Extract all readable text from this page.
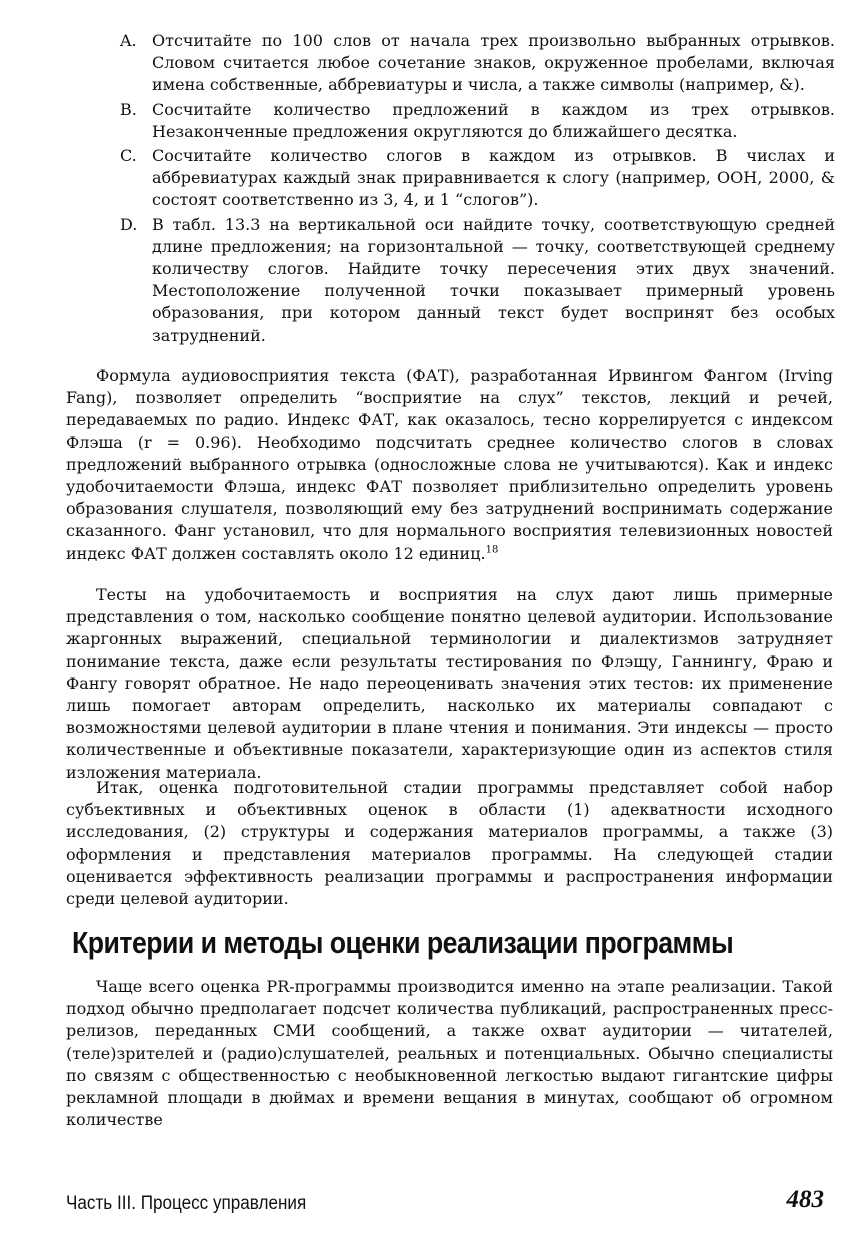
A. Отсчитайте по 100 слов от начала трех произвольно выбранных отрывков. Словом считается любое сочетание знаков, окруженное пробелами, включая имена собственные, аббревиатуры и числа, а также символы (например, &).
B. Сосчитайте количество предложений в каждом из трех отрывков. Незаконченные предложения округляются до ближайшего десятка.
C. Сосчитайте количество слогов в каждом из отрывков. В числах и аббревиатурах каждый знак приравнивается к слогу (например, ООН, 2000, & состоят соответственно из 3, 4, и 1 “слогов”).
D. В табл. 13.3 на вертикальной оси найдите точку, соответствующую средней длине предложения; на горизонтальной — точку, соответствующей среднему количеству слогов. Найдите точку пересечения этих двух значений. Местоположение полученной точки показывает примерный уровень образования, при котором данный текст будет воспринят без особых затруднений.

Формула аудиовосприятия текста (ФАТ), разработанная Ирвингом Фангом (Irving Fang), позволяет определить “восприятие на слух” текстов, лекций и речей, передаваемых по радио. Индекс ФАТ, как оказалось, тесно коррелируется с индексом Флэша (r = 0.96). Необходимо подсчитать среднее количество слогов в словах предложений выбранного отрывка (односложные слова не учитываются). Как и индекс удобочитаемости Флэша, индекс ФАТ позволяет приблизительно определить уровень образования слушателя, позволяющий ему без затруднений воспринимать содержание сказанного. Фанг установил, что для нормального восприятия телевизионных новостей индекс ФАТ должен составлять около 12 единиц.$^{18}$

Тесты на удобочитаемость и восприятия на слух дают лишь примерные представления о том, насколько сообщение понятно целевой аудитории. Использование жаргонных выражений, специальной терминологии и диалектизмов затрудняет понимание текста, даже если результаты тестирования по Флэщу, Ганнингу, Фраю и Фангу говорят обратное. Не надо переоценивать значения этих тестов: их применение лишь помогает авторам определить, насколько их материалы совпадают с возможностями целевой аудитории в плане чтения и понимания. Эти индексы — просто количественные и объективные показатели, характеризующие один из аспектов стиля изложения материала.

Итак, оценка подготовительной стадии программы представляет собой набор субъективных и объективных оценок в области (1) адекватности исходного исследования, (2) структуры и содержания материалов программы, а также (3) оформления и представления материалов программы. На следующей стадии оценивается эффективность реализации программы и распространения информации среди целевой аудитории.

Критерии и методы оценки реализации программы

Чаще всего оценка PR-программы производится именно на этапе реализации. Такой подход обычно предполагает подсчет количества публикаций, распространенных пресс-релизов, переданных СМИ сообщений, а также охват аудитории — читателей, (теле)зрителей и (радио)слушателей, реальных и потенциальных. Обычно специалисты по связям с общественностью с необыкновенной легкостью выдают гигантские цифры рекламной площади в дюймах и времени вещания в минутах, сообщают об огромном количестве

Часть III. Процесс управления	483
